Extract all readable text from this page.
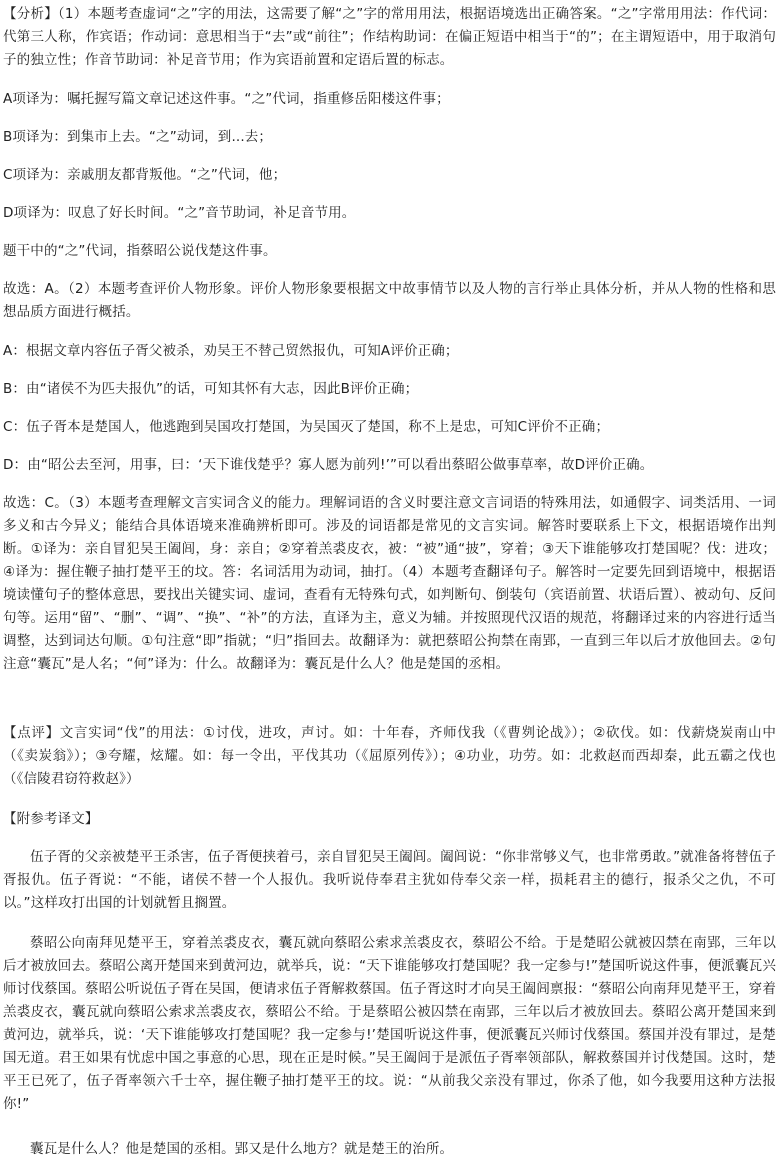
【分析】（1）本题考查虚词“之”字的用法，这需要了解“之”字的常用用法，根据语境选出正确答案。“之”字常用用法：作代词：代第三人称，作宾语；作动词：意思相当于“去”或“前往”；作结构助词：在偏正短语中相当于“的”；在主谓短语中，用于取消句子的独立性；作音节助词：补足音节用；作为宾语前置和定语后置的标志。

A项译为：嘱托握写篇文章记述这件事。“之”代词，指重修岳阳楼这件事；

B项译为：到集市上去。“之”动词，到...去；

C项译为：亲戚朋友都背叛他。“之”代词，他；

D项译为：叹息了好长时间。“之”音节助词，补足音节用。

题干中的“之”代词，指蔡昭公说伐楚这件事。

故选：A。（2）本题考查评价人物形象。评价人物形象要根据文中故事情节以及人物的言行举止具体分析，并从人物的性格和思想品质方面进行概括。

A：根据文章内容伍子胥父被杀，劝吴王不替己贸然报仇，可知A评价正确；

B：由“诸侯不为匹夫报仇”的话，可知其怀有大志，因此B评价正确；

C：伍子胥本是楚国人，他逃跑到吴国攻打楚国，为吴国灭了楚国，称不上是忠，可知C评价不正确；

D：由“昭公去至河，用事，曰：‘天下谁伐楚乎？寡人愿为前列!’”可以看出蔡昭公做事草率，故D评价正确。

故选：C。（3）本题考查理解文言实词含义的能力。理解词语的含义时要注意文言词语的特殊用法，如通假字、词类活用、一词多义和古今异义；能结合具体语境来准确辨析即可。涉及的词语都是常见的文言实词。解答时要联系上下文，根据语境作出判断。①译为：亲自冒犯吴王阖闾，身：亲自；②穿着羔裘皮衣，被：“被”通“披”，穿着；③天下谁能够攻打楚国呢？伐：进攻；④译为：握住鞭子抽打楚平王的坟。答：名词活用为动词，抽打。（4）本题考查翻译句子。解答时一定要先回到语境中，根据语境读懂句子的整体意思，要找出关键实词、虚词，查看有无特殊句式，如判断句、倒装句（宾语前置、状语后置）、被动句、反问句等。运用“留”、“删”、“调”、“换”、“补”的方法，直译为主，意义为辅。并按照现代汉语的规范，将翻译过来的内容进行适当调整，达到词达句顺。①句注意“即”指就；“归”指回去。故翻译为：就把蔡昭公拘禁在南郢，一直到三年以后才放他回去。②句注意“囊瓦”是人名；“何”译为：什么。故翻译为：囊瓦是什么人？他是楚国的丞相。

【点评】文言实词“伐”的用法：①讨伐，进攻，声讨。如：十年春，齐师伐我（《曹刿论战》）；②砍伐。如：伐薪烧炭南山中（《卖炭翁》）；③夸耀，炫耀。如：每一令出，平伐其功（《屈原列传》）；④功业，功劳。如：北救赵而西却秦，此五霸之伐也（《信陵君窃符救赵》）

【附参考译文】

伍子胥的父亲被楚平王杀害，伍子胥便挟着弓，亲自冒犯吴王阖闾。阖闾说：“你非常够义气，也非常勇敢。”就准备将替伍子胥报仇。伍子胥说：“不能，诸侯不替一个人报仇。我听说侍奉君主犹如侍奉父亲一样，损耗君主的德行，报杀父之仇，不可以。”这样攻打出国的计划就暂且搁置。

蔡昭公向南拜见楚平王，穿着羔裘皮衣，囊瓦就向蔡昭公索求羔裘皮衣，蔡昭公不给。于是楚昭公就被囚禁在南郢，三年以后才被放回去。蔡昭公离开楚国来到黄河边，就举兵，说：“天下谁能够攻打楚国呢？我一定参与!”楚国听说这件事，便派囊瓦兴师讨伐蔡国。蔡昭公听说伍子胥在吴国，便请求伍子胥解救蔡国。伍子胥这时才向吴王阖闾禀报：“蔡昭公向南拜见楚平王，穿着羔裘皮衣，囊瓦就向蔡昭公索求羔裘皮衣，蔡昭公不给。于是蔡昭公被囚禁在南郢，三年以后才被放回去。蔡昭公离开楚国来到黄河边，就举兵，说：‘天下谁能够攻打楚国呢？我一定参与!’楚国听说这件事，便派囊瓦兴师讨伐蔡国。蔡国并没有罪过，是楚国无道。君王如果有忧虑中国之事意的心思，现在正是时候。”吴王阖闾于是派伍子胥率领部队，解救蔡国并讨伐楚国。这时，楚平王已死了，伍子胥率领六千士卒，握住鞭子抽打楚平王的坟。说：“从前我父亲没有罪过，你杀了他，如今我要用这种方法报你!”

囊瓦是什么人？他是楚国的丞相。郢又是什么地方？就是楚王的治所。
